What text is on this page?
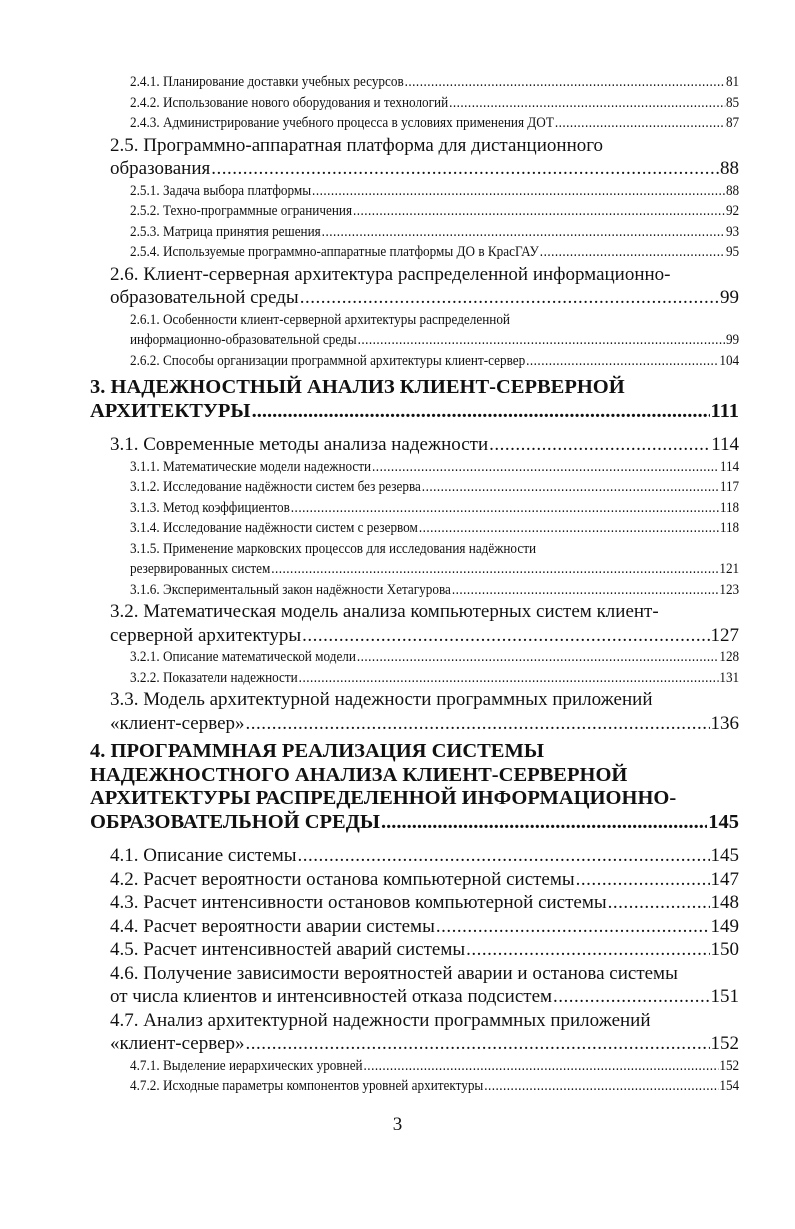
2.4.1. Планирование доставки учебных ресурсов .....	81
2.4.2. Использование нового оборудования и технологий .....	85
2.4.3. Администрирование учебного процесса в условиях применения ДОТ .....	87
2.5. Программно-аппаратная платформа для дистанционного
образования .....	88
2.5.1. Задача выбора платформы .....	88
2.5.2. Техно-программные ограничения .....	92
2.5.3. Матрица принятия решения .....	93
2.5.4. Используемые программно-аппаратные платформы ДО в КрасГАУ .....	95
2.6. Клиент-серверная архитектура распределенной информационно-
образовательной среды .....	99
2.6.1. Особенности клиент-серверной архитектуры распределенной
информационно-образовательной среды .....	99
2.6.2. Способы организации программной архитектуры клиент-сервер .....	104
3. НАДЕЖНОСТНЫЙ АНАЛИЗ КЛИЕНТ-СЕРВЕРНОЙ
АРХИТЕКТУРЫ .....	111
3.1. Современные методы анализа надежности .....	114
3.1.1. Математические модели надежности .....	114
3.1.2. Исследование надёжности систем без резерва .....	117
3.1.3. Метод коэффициентов .....	118
3.1.4. Исследование надёжности систем с резервом .....	118
3.1.5. Применение марковских процессов для исследования надёжности
резервированных систем .....	121
3.1.6. Экспериментальный закон надёжности Хетагурова .....	123
3.2. Математическая модель анализа компьютерных систем клиент-
серверной архитектуры .....	127
3.2.1. Описание математической модели .....	128
3.2.2. Показатели надежности .....	131
3.3. Модель архитектурной надежности программных приложений
«клиент-сервер» .....	136
4. ПРОГРАММНАЯ РЕАЛИЗАЦИЯ СИСТЕМЫ
НАДЕЖНОСТНОГО АНАЛИЗА КЛИЕНТ-СЕРВЕРНОЙ
АРХИТЕКТУРЫ РАСПРЕДЕЛЕННОЙ ИНФОРМАЦИОННО-
ОБРАЗОВАТЕЛЬНОЙ СРЕДЫ .....	145
4.1. Описание системы .....	145
4.2. Расчет вероятности останова компьютерной системы .....	147
4.3. Расчет интенсивности остановов компьютерной системы .....	148
4.4. Расчет вероятности аварии системы .....	149
4.5. Расчет интенсивностей аварий системы .....	150
4.6. Получение зависимости вероятностей аварии и останова системы
от числа клиентов и интенсивностей отказа подсистем .....	151
4.7. Анализ архитектурной надежности программных приложений
«клиент-сервер» .....	152
4.7.1. Выделение иерархических уровней .....	152
4.7.2. Исходные параметры компонентов уровней архитектуры .....	154
3
